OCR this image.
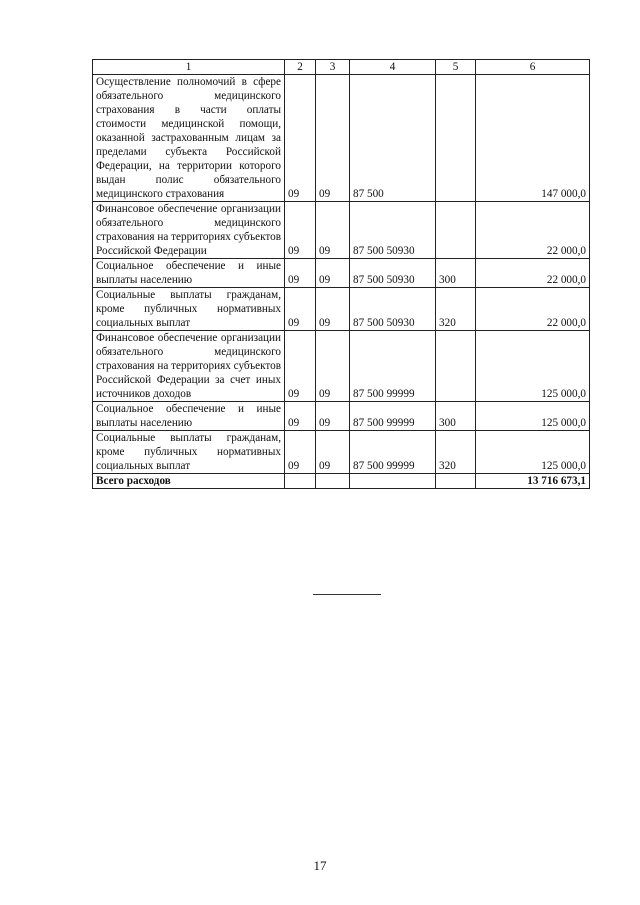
1	2	3	4	5	6
Осуществление полномочий в сфере обязательного медицинского страхования в части оплаты стоимости медицинской помощи, оказанной застрахованным лицам за пределами субъекта Российской Федерации, на территории которого выдан полис обязательного медицинского страхования	09	09	87 500		147 000,0
Финансовое обеспечение организации обязательного медицинского страхования на территориях субъектов Российской Федерации	09	09	87 500 50930		22 000,0
Социальное обеспечение и иные выплаты населению	09	09	87 500 50930	300	22 000,0
Социальные выплаты гражданам, кроме публичных нормативных социальных выплат	09	09	87 500 50930	320	22 000,0
Финансовое обеспечение организации обязательного медицинского страхования на территориях субъектов Российской Федерации за счет иных источников доходов	09	09	87 500 99999		125 000,0
Социальное обеспечение и иные выплаты населению	09	09	87 500 99999	300	125 000,0
Социальные выплаты гражданам, кроме публичных нормативных социальных выплат	09	09	87 500 99999	320	125 000,0
Всего расходов					13 716 673,1
17
